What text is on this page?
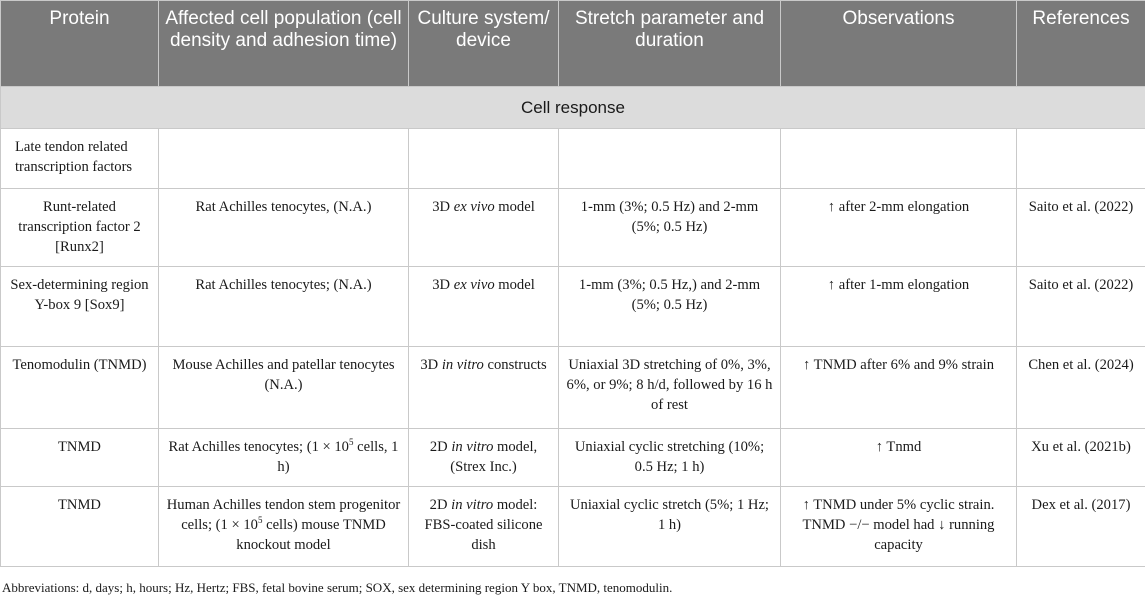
Protein	Affected cell population (cell density and adhesion time)	Culture system/ device	Stretch parameter and duration	Observations	References
Cell response					
Late tendon related transcription factors					
Runt-related transcription factor 2 [Runx2]	Rat Achilles tenocytes, (N.A.)	3D ex vivo model	1-mm (3%; 0.5 Hz) and 2-mm (5%; 0.5 Hz)	↑ after 2-mm elongation	Saito et al. (2022)
Sex-determining region Y-box 9 [Sox9]	Rat Achilles tenocytes; (N.A.)	3D ex vivo model	1-mm (3%; 0.5 Hz,) and 2-mm (5%; 0.5 Hz)	↑ after 1-mm elongation	Saito et al. (2022)
Tenomodulin (TNMD)	Mouse Achilles and patellar tenocytes (N.A.)	3D in vitro constructs	Uniaxial 3D stretching of 0%, 3%, 6%, or 9%; 8 h/d, followed by 16 h of rest	↑ TNMD after 6% and 9% strain	Chen et al. (2024)
TNMD	Rat Achilles tenocytes; ($1 \times 10^5$ cells, 1 h)	2D in vitro model, (Strex Inc.)	Uniaxial cyclic stretching (10%; 0.5 Hz; 1 h)	↑ Tnmd	Xu et al. (2021b)
TNMD	Human Achilles tendon stem progenitor cells; ($1 \times 10^5$ cells) mouse TNMD knockout model	2D in vitro model: FBS-coated silicone dish	Uniaxial cyclic stretch (5%; 1 Hz; 1 h)	↑ TNMD under 5% cyclic strain. TNMD −/− model had ↓ running capacity	Dex et al. (2017)
Abbreviations: d, days; h, hours; Hz, Hertz; FBS, fetal bovine serum; SOX, sex determining region Y box, TNMD, tenomodulin.
